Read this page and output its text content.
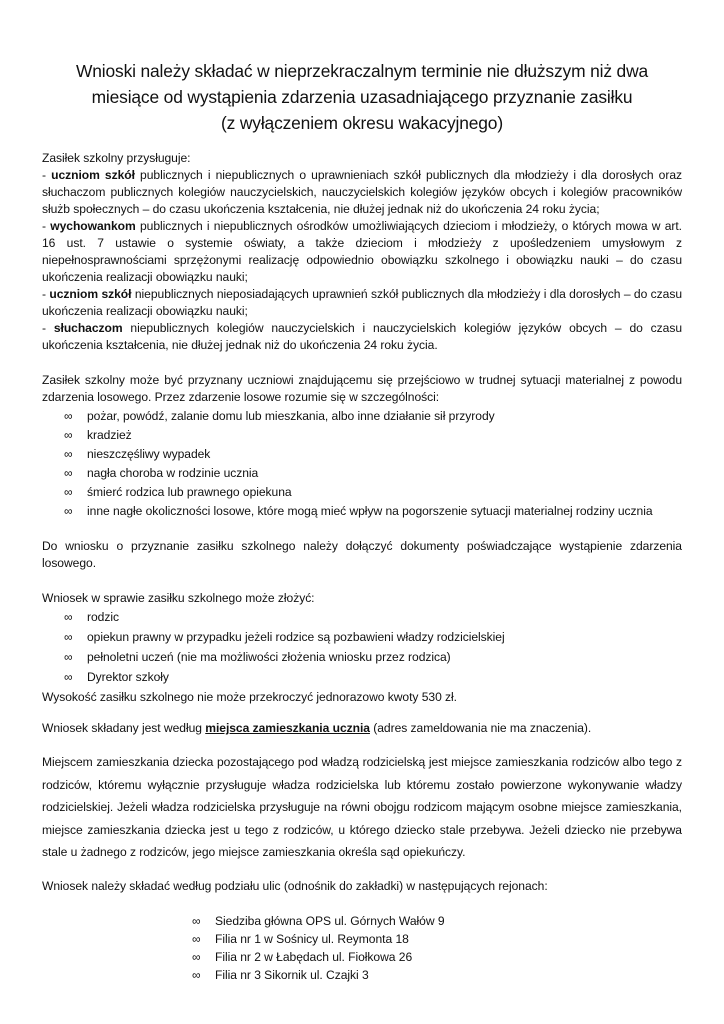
Wnioski należy składać w nieprzekraczalnym terminie nie dłuższym niż dwa
miesiące od wystąpienia zdarzenia uzasadniającego przyznanie zasiłku
(z wyłączeniem okresu wakacyjnego)

Zasiłek szkolny przysługuje:

- uczniom szkół publicznych i niepublicznych o uprawnieniach szkół publicznych dla młodzieży i dla dorosłych oraz słuchaczom publicznych kolegiów nauczycielskich, nauczycielskich kolegiów języków obcych i kolegiów pracowników służb społecznych – do czasu ukończenia kształcenia, nie dłużej jednak niż do ukończenia 24 roku życia;

- wychowankom publicznych i niepublicznych ośrodków umożliwiających dzieciom i młodzieży, o których mowa w art. 16 ust. 7 ustawie o systemie oświaty, a także dzieciom i młodzieży z upośledzeniem umysłowym z niepełnosprawnościami sprzężonymi realizację odpowiednio obowiązku szkolnego i obowiązku nauki – do czasu ukończenia realizacji obowiązku nauki;

- uczniom szkół niepublicznych nieposiadających uprawnień szkół publicznych dla młodzieży i dla dorosłych – do czasu ukończenia realizacji obowiązku nauki;

- słuchaczom niepublicznych kolegiów nauczycielskich i nauczycielskich kolegiów języków obcych – do czasu ukończenia kształcenia, nie dłużej jednak niż do ukończenia 24 roku życia.

Zasiłek szkolny może być przyznany uczniowi znajdującemu się przejściowo w trudnej sytuacji materialnej z powodu zdarzenia losowego. Przez zdarzenie losowe rozumie się w szczególności:

∞ pożar, powódź, zalanie domu lub mieszkania, albo inne działanie sił przyrody
∞ kradzież
∞ nieszczęśliwy wypadek
∞ nagła choroba w rodzinie ucznia
∞ śmierć rodzica lub prawnego opiekuna
∞ inne nagłe okoliczności losowe, które mogą mieć wpływ na pogorszenie sytuacji materialnej rodziny ucznia

Do wniosku o przyznanie zasiłku szkolnego należy dołączyć dokumenty poświadczające wystąpienie zdarzenia losowego.

Wniosek w sprawie zasiłku szkolnego może złożyć:

∞ rodzic
∞ opiekun prawny w przypadku jeżeli rodzice są pozbawieni władzy rodzicielskiej
∞ pełnoletni uczeń (nie ma możliwości złożenia wniosku przez rodzica)
∞ Dyrektor szkoły

Wysokość zasiłku szkolnego nie może przekroczyć jednorazowo kwoty 530 zł.

Wniosek składany jest według miejsca zamieszkania ucznia (adres zameldowania nie ma znaczenia).

Miejscem zamieszkania dziecka pozostającego pod władzą rodzicielską jest miejsce zamieszkania rodziców albo tego z rodziców, któremu wyłącznie przysługuje władza rodzicielska lub któremu zostało powierzone wykonywanie władzy rodzicielskiej. Jeżeli władza rodzicielska przysługuje na równi obojgu rodzicom mającym osobne miejsce zamieszkania, miejsce zamieszkania dziecka jest u tego z rodziców, u którego dziecko stale przebywa. Jeżeli dziecko nie przebywa stale u żadnego z rodziców, jego miejsce zamieszkania określa sąd opiekuńczy.

Wniosek należy składać według podziału ulic (odnośnik do zakładki) w następujących rejonach:

∞ Siedziba główna OPS ul. Górnych Wałów 9
∞ Filia nr 1 w Sośnicy ul. Reymonta 18
∞ Filia nr 2 w Łabędach ul. Fiołkowa 26
∞ Filia nr 3 Sikornik ul. Czajki 3
